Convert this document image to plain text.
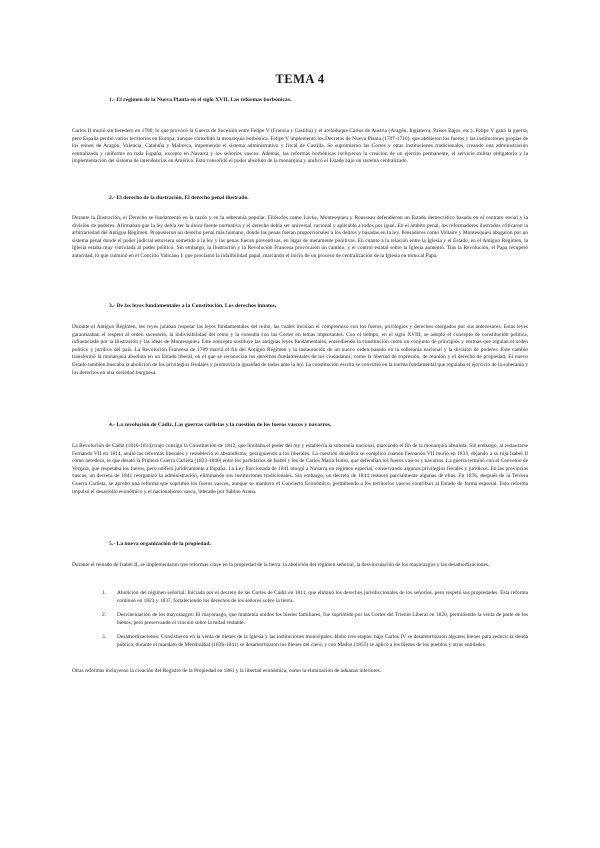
TEMA 4

1.- El régimen de la Nueva Planta en el siglo XVII. Las reformas borbónicas.

Carlos II murió sin heredero en 1700, lo que provocó la Guerra de Sucesión entre Felipe V (Francia y Castilla) y el archiduque Carlos de Austria (Aragón, Inglaterra, Países Bajos, etc.). Felipe V ganó la guerra, pero España perdió varios territorios en Europa, aunque consolidó la monarquía borbónica. Felipe V implementó los Decretos de Nueva Planta (1707-1716), que abolieron los fueros y las instituciones propias de los reinos de Aragón, Valencia, Cataluña y Mallorca, imponiendo el sistema administrativo y fiscal de Castilla. Se suprimieron las Cortes y otras instituciones tradicionales, creando una administración centralizada y uniforme en toda España, excepto en Navarra y los señoríos vascos. Además, las reformas borbónicas incluyeron la creación de un ejército permanente, el servicio militar obligatorio y la implementación del sistema de intendencias en América. Esto consolidó el poder absoluto de la monarquía y unificó el Estado bajo un sistema centralizado.

2.- El derecho de la ilustración. El derecho penal ilustrado.

Durante la Ilustración, el Derecho se fundamentó en la razón y en la soberanía popular. Filósofos como Locke, Montesquieu y Rousseau defendieron un Estado democrático basado en el contrato social y la división de poderes. Afirmaban que la ley debía ser la única fuente normativa y el derecho debía ser universal, racional y aplicable a todos por igual. En el ámbito penal, los reformadores ilustrados criticaron la arbitrariedad del Antiguo Régimen. Propusieron un derecho penal más humano, donde las penas fueran proporcionales a los delitos y basadas en la ley. Pensadores como Voltaire y Montesquieu abogaron por un sistema penal donde el poder judicial estuviera sometido a la ley y las penas fueran preventivas, en lugar de meramente punitivas. En cuanto a la relación entre la Iglesia y el Estado, en el Antiguo Régimen, la Iglesia estaba muy vinculada al poder político. Sin embargo, la Ilustración y la Revolución Francesa provocaron un cambio, y el control estatal sobre la Iglesia aumentó. Tras la Revolución, el Papa recuperó autoridad, lo que culminó en el Concilio Vaticano I, que proclamó la infalibilidad papal, marcando el inicio de un proceso de centralización de la Iglesia en torno al Papa.

3.- De las leyes fundamentales a la Constitución. Los derechos innatos.

Durante el Antiguo Régimen, los reyes juraban respetar las leyes fundamentales del reino, las cuales incluían el compromiso con los fueros, privilegios y derechos otorgados por sus antecesores. Estas leyes garantizaban el respeto al orden sucesorio, la indivisibilidad del reino y la consulta con las Cortes en temas importantes. Con el tiempo, en el siglo XVIII, se adoptó el concepto de constitución política, influenciado por la Ilustración y las ideas de Montesquieu. Este concepto sustituye las antiguas leyes fundamentales, entendiendo la constitución como un conjunto de principios y normas que regulan el orden político y jurídico del país. La Revolución Francesa de 1789 marcó el fin del Antiguo Régimen y la instauración de un nuevo orden basado en la soberanía nacional y la división de poderes. Este cambio transformó la monarquía absoluta en un Estado liberal, en el que se reconocían los derechos fundamentales de los ciudadanos, como la libertad de expresión, de reunión y el derecho de propiedad. El nuevo Estado también buscaba la abolición de los privilegios feudales y promovía la igualdad de todos ante la ley. La constitución escrita se convirtió en la norma fundamental que regulaba el ejercicio de la soberanía y los derechos en una sociedad burguesa.

4.- La revolución de Cádiz. Las guerras carlistas y la cuestión de los fueros vascos y navarros.

La Revolución de Cádiz (1810-1814) trajo consigo la Constitución de 1812, que limitaba el poder del rey y establecía la soberanía nacional, marcando el fin de la monarquía absoluta. Sin embargo, al restaurarse Fernando VII en 1814, anuló las reformas liberales y restableció el absolutismo, persiguiendo a los liberales. La cuestión dinástica se complicó cuando Fernando VII murió en 1833, dejando a su hija Isabel II como heredera, lo que desató la Primera Guerra Carlista (1833-1840) entre los partidarios de Isabel y los de Carlos María Isidro, que defendían los fueros vascos y navarros. La guerra terminó con el Convenio de Vergara, que respetaba los fueros, pero unificó jurídicamente a España. La Ley Paccionada de 1841 otorgó a Navarra un régimen especial, conservando algunos privilegios fiscales y jurídicos. En las provincias vascas, un decreto de 1841 reorganizó la administración, eliminando sus instituciones tradicionales. Sin embargo, un decreto de 1844 restauró parcialmente algunas de ellas. En 1876, después de la Tercera Guerra Carlista, se aprobó una reforma que suprimió los fueros vascos, aunque se mantuvo el Concierto Económico, permitiendo a los territorios vascos contribuir al Estado de forma especial. Esto reforma impulsó el desarrollo económico y el nacionalismo vasco, liderado por Sabino Arana.

5.- La nueva organización de la propiedad.

Durante el reinado de Isabel II, se implementaron tres reformas clave en la propiedad de la tierra: la abolición del régimen señorial, la desvinculación de los mayorazgos y las desamortizaciones.

1. Abolición del régimen señorial: Iniciada por el decreto de las Cortes de Cádiz en 1811, que eliminó los derechos jurisdiccionales de los señoríos, pero respetó sus propiedades. Esta reforma continuó en 1823 y 1837, fortaleciendo los derechos de los señores sobre la tierra.
2. Desvinculación de los mayorazgos: El mayorazgo, que mantenía unidos los bienes familiares, fue suprimido por las Cortes del Trienio Liberal en 1820, permitiendo la venta de parte de los bienes, pero preservando el vínculo sobre la mitad restante.
3. Desamortizaciones: Consistieron en la venta de bienes de la Iglesia y las instituciones municipales. Hubo tres etapas: bajo Carlos IV se desamortizaron algunos bienes para reducir la deuda pública, durante el mandato de Mendizábal (1836-1841) se desamortizaron los bienes del clero, y con Madoz (1855) se aplicó a los bienes de los pueblos y otras entidades.

Otras reformas incluyeron la creación del Registro de la Propiedad en 1861 y la libertad económica, como la eliminación de aduanas interiores.
